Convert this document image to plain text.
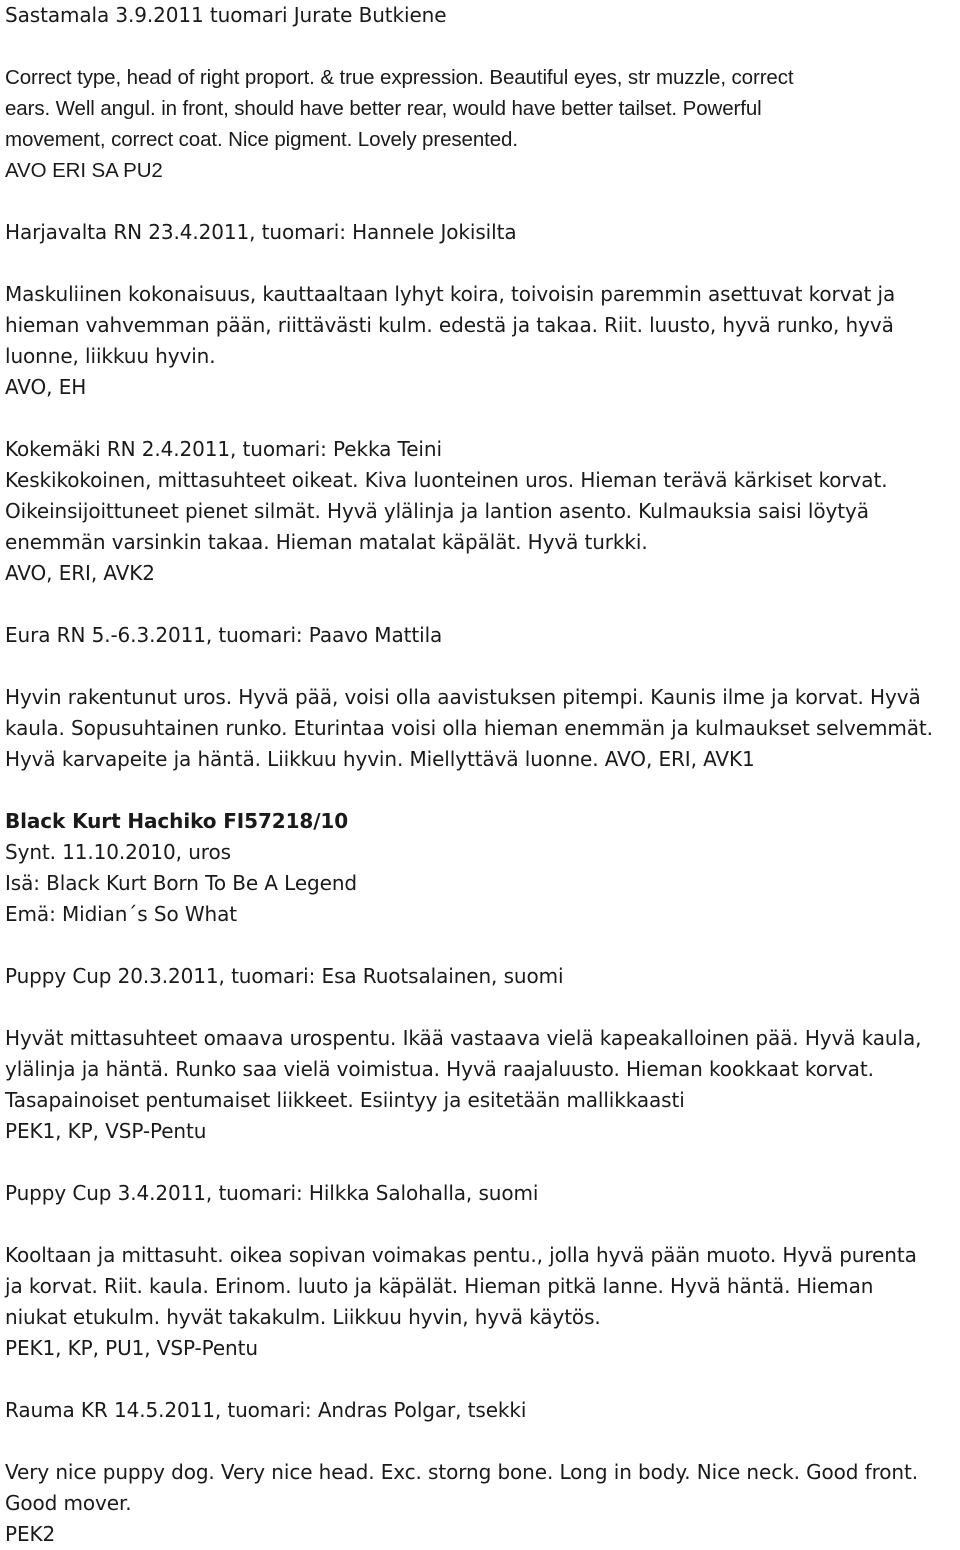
Sastamala 3.9.2011 tuomari Jurate Butkiene
Correct type, head of right proport. & true expression. Beautiful eyes, str muzzle, correct
ears. Well angul. in front, should have better rear, would have better tailset. Powerful
movement, correct coat. Nice pigment. Lovely presented.
AVO ERI SA PU2
Harjavalta RN 23.4.2011, tuomari: Hannele Jokisilta
Maskuliinen kokonaisuus, kauttaaltaan lyhyt koira, toivoisin paremmin asettuvat korvat ja
hieman vahvemman pään, riittävästi kulm. edestä ja takaa. Riit. luusto, hyvä runko, hyvä
luonne, liikkuu hyvin.
AVO, EH
Kokemäki RN 2.4.2011, tuomari: Pekka Teini
Keskikokoinen, mittasuhteet oikeat. Kiva luonteinen uros. Hieman terävä kärkiset korvat.
Oikeinsijoittuneet pienet silmät. Hyvä ylälinja ja lantion asento. Kulmauksia saisi löytyä
enemmän varsinkin takaa. Hieman matalat käpälät. Hyvä turkki.
AVO, ERI, AVK2
Eura RN 5.-6.3.2011, tuomari: Paavo Mattila
Hyvin rakentunut uros. Hyvä pää, voisi olla aavistuksen pitempi. Kaunis ilme ja korvat. Hyvä
kaula. Sopusuhtainen runko. Eturintaa voisi olla hieman enemmän ja kulmaukset selvemmät.
Hyvä karvapeite ja häntä. Liikkuu hyvin. Miellyttävä luonne. AVO, ERI, AVK1
Black Kurt Hachiko FI57218/10
Synt. 11.10.2010, uros
Isä: Black Kurt Born To Be A Legend
Emä: Midian´s So What
Puppy Cup 20.3.2011, tuomari: Esa Ruotsalainen, suomi
Hyvät mittasuhteet omaava urospentu. Ikää vastaava vielä kapeakalloinen pää. Hyvä kaula,
ylälinja ja häntä. Runko saa vielä voimistua. Hyvä raajaluusto. Hieman kookkaat korvat.
Tasapainoiset pentumaiset liikkeet. Esiintyy ja esitetään mallikkaasti
PEK1, KP, VSP-Pentu
Puppy Cup 3.4.2011, tuomari: Hilkka Salohalla, suomi
Kooltaan ja mittasuht. oikea sopivan voimakas pentu., jolla hyvä pään muoto. Hyvä purenta
ja korvat. Riit. kaula. Erinom. luuto ja käpälät. Hieman pitkä lanne. Hyvä häntä. Hieman
niukat etukulm. hyvät takakulm. Liikkuu hyvin, hyvä käytös.
PEK1, KP, PU1, VSP-Pentu
Rauma KR 14.5.2011, tuomari: Andras Polgar, tsekki
Very nice puppy dog. Very nice head. Exc. storng bone. Long in body. Nice neck. Good front.
Good mover.
PEK2
